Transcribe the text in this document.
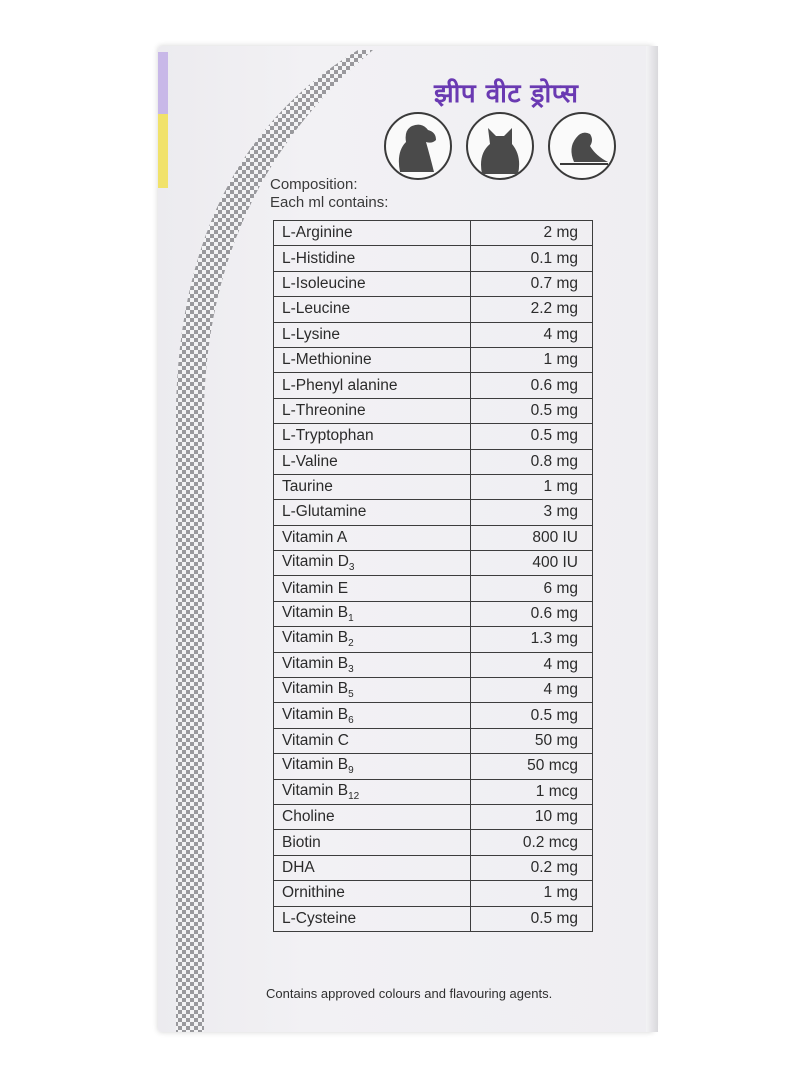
झीप वीट ड्रोप्स
Composition:
Each ml contains:
L-Arginine	2 mg
L-Histidine	0.1 mg
L-Isoleucine	0.7 mg
L-Leucine	2.2 mg
L-Lysine	4 mg
L-Methionine	1 mg
L-Phenyl alanine	0.6 mg
L-Threonine	0.5 mg
L-Tryptophan	0.5 mg
L-Valine	0.8 mg
Taurine	1 mg
L-Glutamine	3 mg
Vitamin A	800 IU
Vitamin $D_3$	400 IU
Vitamin E	6 mg
Vitamin $B_1$	0.6 mg
Vitamin $B_2$	1.3 mg
Vitamin $B_3$	4 mg
Vitamin $B_5$	4 mg
Vitamin $B_6$	0.5 mg
Vitamin C	50 mg
Vitamin $B_9$	50 mcg
Vitamin $B_{12}$	1 mcg
Choline	10 mg
Biotin	0.2 mcg
DHA	0.2 mg
Ornithine	1 mg
L-Cysteine	0.5 mg
Contains approved colours and flavouring agents.
